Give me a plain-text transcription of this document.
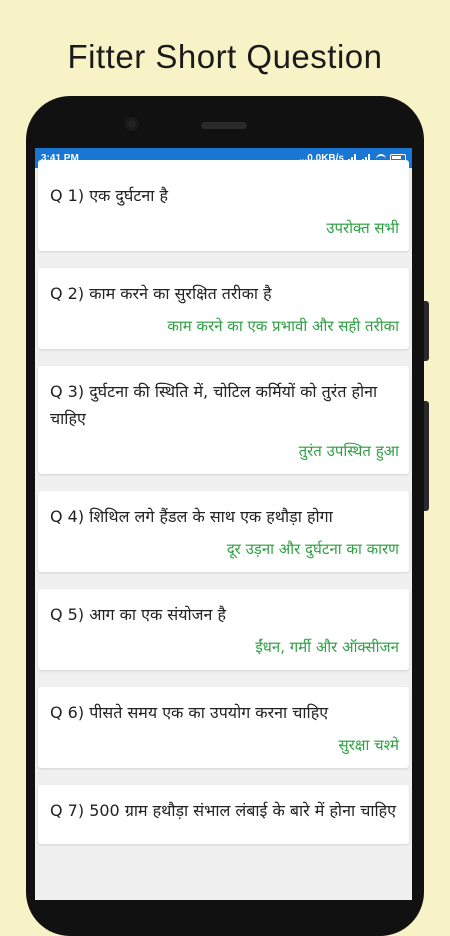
Fitter Short Question
3:41 PM	...0.0KB/s
Q 1) एक दुर्घटना है
उपरोक्त सभी
Q 2) काम करने का सुरक्षित तरीका है
काम करने का एक प्रभावी और सही तरीका
Q 3) दुर्घटना की स्थिति में, चोटिल कर्मियों को तुरंत होना चाहिए
तुरंत उपस्थित हुआ
Q 4) शिथिल लगे हैंडल के साथ एक हथौड़ा होगा
दूर उड़ना और दुर्घटना का कारण
Q 5) आग का एक संयोजन है
ईंधन, गर्मी और ऑक्सीजन
Q 6) पीसते समय एक का उपयोग करना चाहिए
सुरक्षा चश्मे
Q 7) 500 ग्राम हथौड़ा संभाल लंबाई के बारे में होना चाहिए
